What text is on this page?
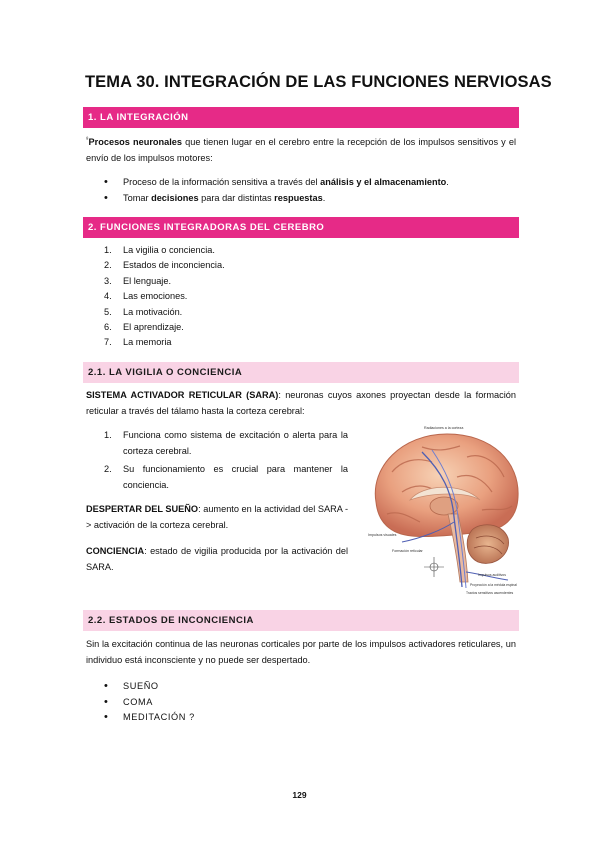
TEMA 30. INTEGRACIÓN DE LAS FUNCIONES NERVIOSAS
1. LA INTEGRACIÓN

$^{^8}$Procesos neuronales que tienen lugar en el cerebro entre la recepción de los impulsos sensitivos y el envío de los impulsos motores:

• Proceso de la información sensitiva a través del análisis y el almacenamiento.
• Tomar decisiones para dar distintas respuestas.
2. FUNCIONES INTEGRADORAS DEL CEREBRO
1. La vigilia o conciencia.
2. Estados de inconciencia.
3. El lenguaje.
4. Las emociones.
5. La motivación.
6. El aprendizaje.
7. La memoria
2.1. LA VIGILIA O CONCIENCIA

SISTEMA ACTIVADOR RETICULAR (SARA): neuronas cuyos axones proyectan desde la formación reticular a través del tálamo hasta la corteza cerebral:

1. Funciona como sistema de excitación o alerta para la corteza cerebral.
2. Su funcionamiento es crucial para mantener la conciencia.

DESPERTAR DEL SUEÑO: aumento en la actividad del SARA -> activación de la corteza cerebral.

CONCIENCIA: estado de vigilia producida por la activación del SARA.

Radiaciones a la corteza
Impulsos visuales
Formación reticular
Impulsos auditivos
Proyección a la médula espinal
Tractos sensitivos ascendentes
2.2. ESTADOS DE INCONCIENCIA

Sin la excitación continua de las neuronas corticales por parte de los impulsos activadores reticulares, un individuo está inconsciente y no puede ser despertado.

• SUEÑO
• COMA
• MEDITACIÓN ?
129
